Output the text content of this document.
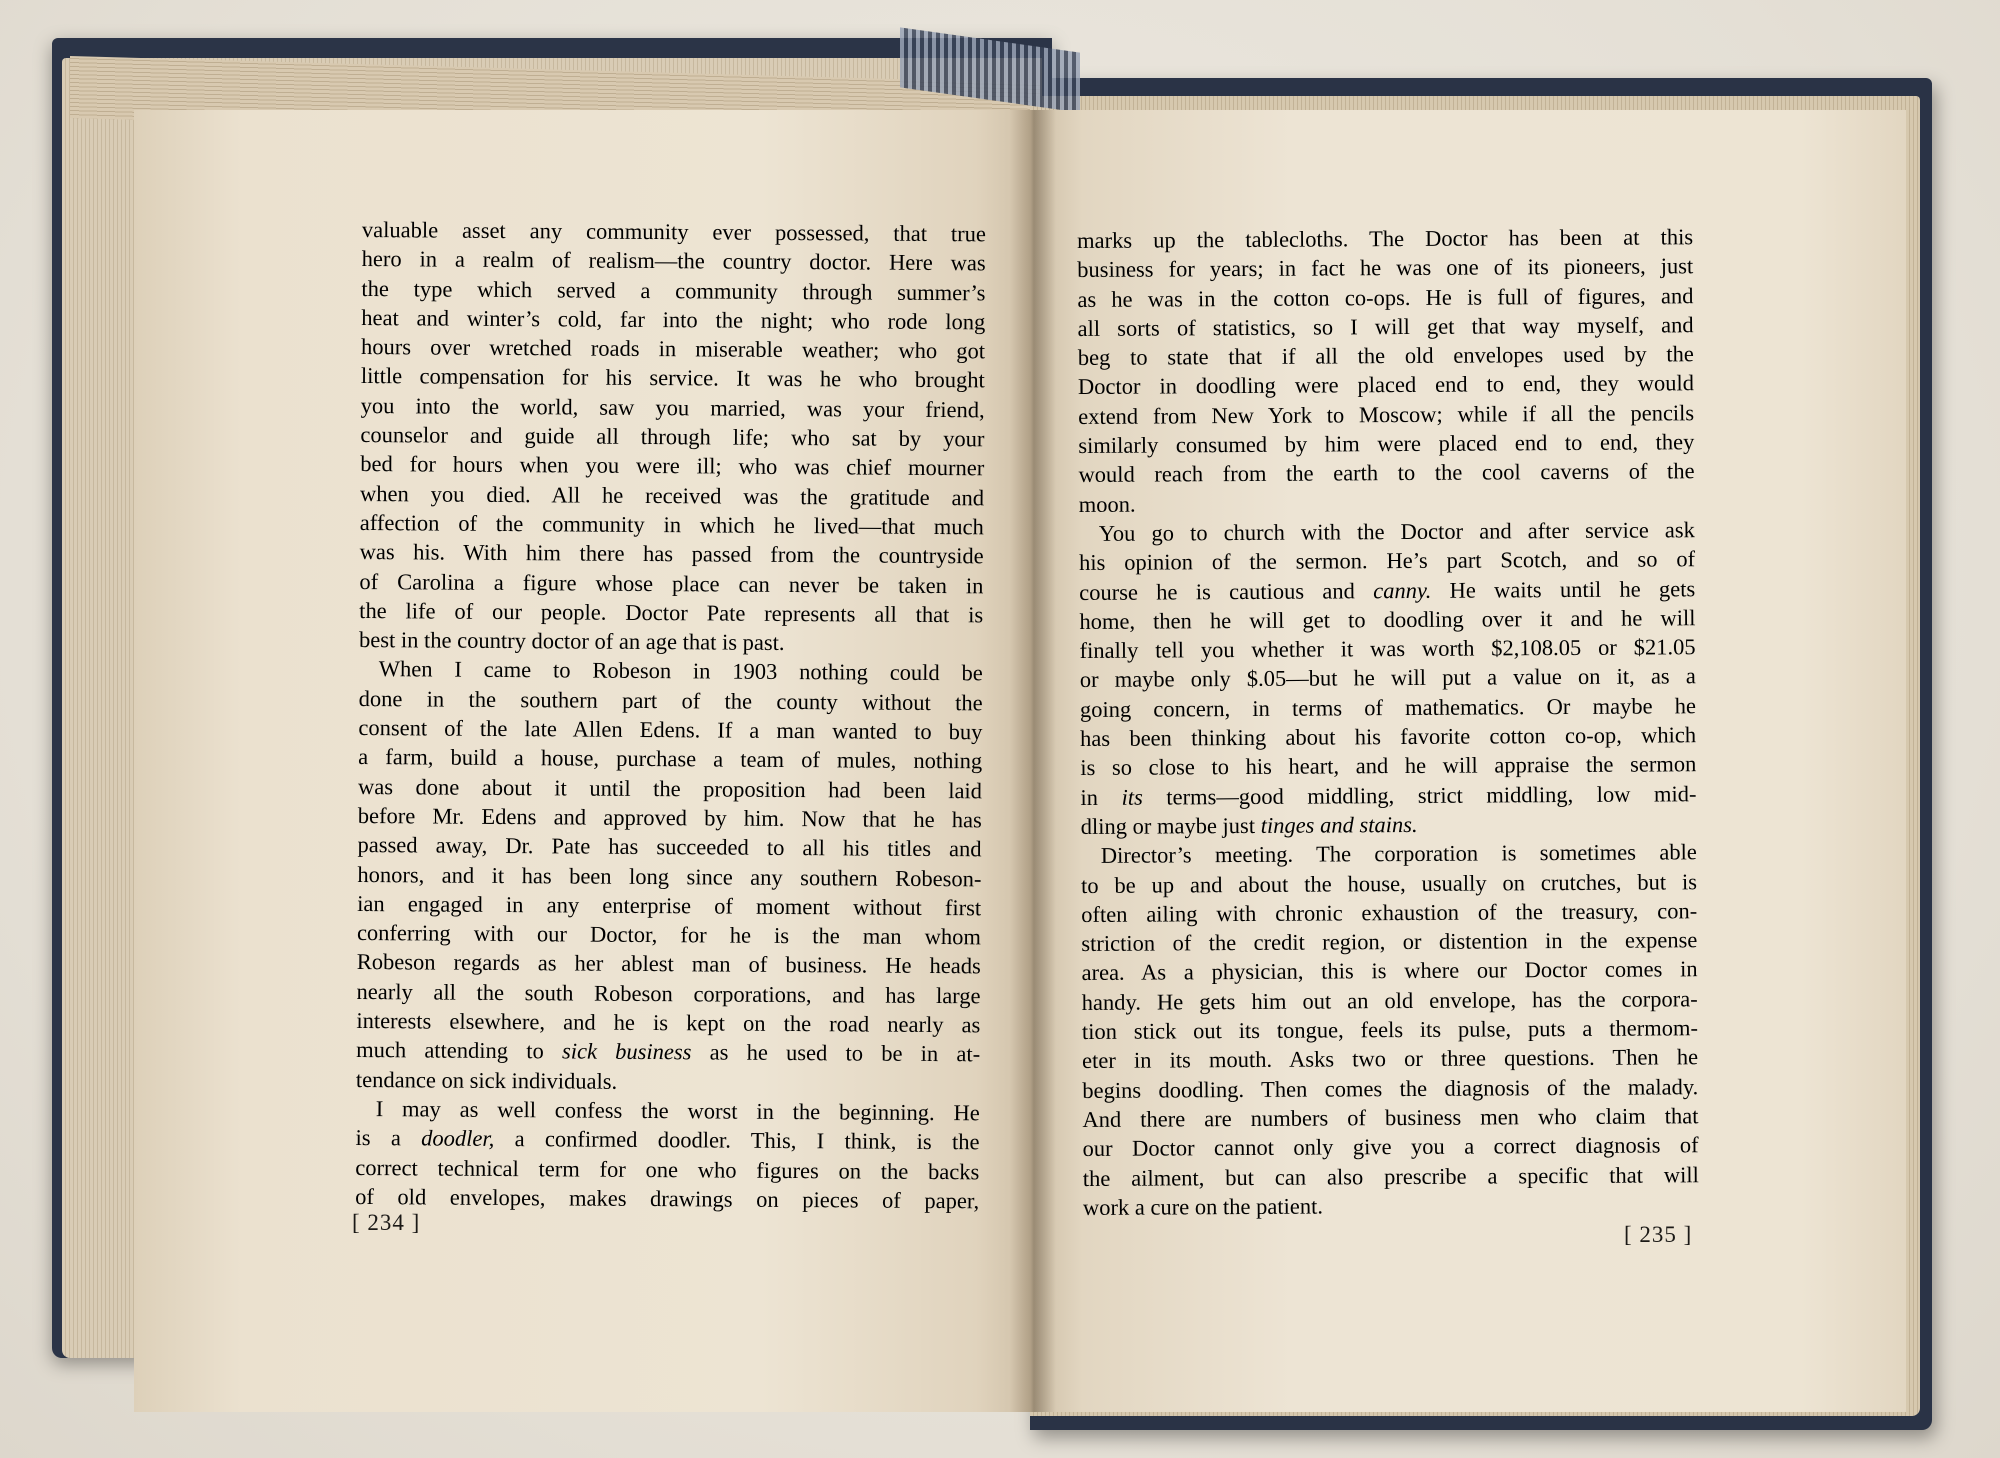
valuable asset any community ever possessed, that true
hero in a realm of realism—the country doctor. Here was
the type which served a community through summer’s
heat and winter’s cold, far into the night; who rode long
hours over wretched roads in miserable weather; who got
little compensation for his service. It was he who brought
you into the world, saw you married, was your friend,
counselor and guide all through life; who sat by your
bed for hours when you were ill; who was chief mourner
when you died. All he received was the gratitude and
affection of the community in which he lived—that much
was his. With him there has passed from the countryside
of Carolina a figure whose place can never be taken in
the life of our people. Doctor Pate represents all that is
best in the country doctor of an age that is past.
When I came to Robeson in 1903 nothing could be
done in the southern part of the county without the
consent of the late Allen Edens. If a man wanted to buy
a farm, build a house, purchase a team of mules, nothing
was done about it until the proposition had been laid
before Mr. Edens and approved by him. Now that he has
passed away, Dr. Pate has succeeded to all his titles and
honors, and it has been long since any southern Robeson-
ian engaged in any enterprise of moment without first
conferring with our Doctor, for he is the man whom
Robeson regards as her ablest man of business. He heads
nearly all the south Robeson corporations, and has large
interests elsewhere, and he is kept on the road nearly as
much attending to sick business as he used to be in at-
tendance on sick individuals.
I may as well confess the worst in the beginning. He
is a doodler, a confirmed doodler. This, I think, is the
correct technical term for one who figures on the backs
of old envelopes, makes drawings on pieces of paper,
[ 234 ]
marks up the tablecloths. The Doctor has been at this
business for years; in fact he was one of its pioneers, just
as he was in the cotton co-ops. He is full of figures, and
all sorts of statistics, so I will get that way myself, and
beg to state that if all the old envelopes used by the
Doctor in doodling were placed end to end, they would
extend from New York to Moscow; while if all the pencils
similarly consumed by him were placed end to end, they
would reach from the earth to the cool caverns of the
moon.
You go to church with the Doctor and after service ask
his opinion of the sermon. He’s part Scotch, and so of
course he is cautious and canny. He waits until he gets
home, then he will get to doodling over it and he will
finally tell you whether it was worth $2,108.05 or $21.05
or maybe only $.05—but he will put a value on it, as a
going concern, in terms of mathematics. Or maybe he
has been thinking about his favorite cotton co-op, which
is so close to his heart, and he will appraise the sermon
in its terms—good middling, strict middling, low mid-
dling or maybe just tinges and stains.
Director’s meeting. The corporation is sometimes able
to be up and about the house, usually on crutches, but is
often ailing with chronic exhaustion of the treasury, con-
striction of the credit region, or distention in the expense
area. As a physician, this is where our Doctor comes in
handy. He gets him out an old envelope, has the corpora-
tion stick out its tongue, feels its pulse, puts a thermom-
eter in its mouth. Asks two or three questions. Then he
begins doodling. Then comes the diagnosis of the malady.
And there are numbers of business men who claim that
our Doctor cannot only give you a correct diagnosis of
the ailment, but can also prescribe a specific that will
work a cure on the patient.
[ 235 ]
